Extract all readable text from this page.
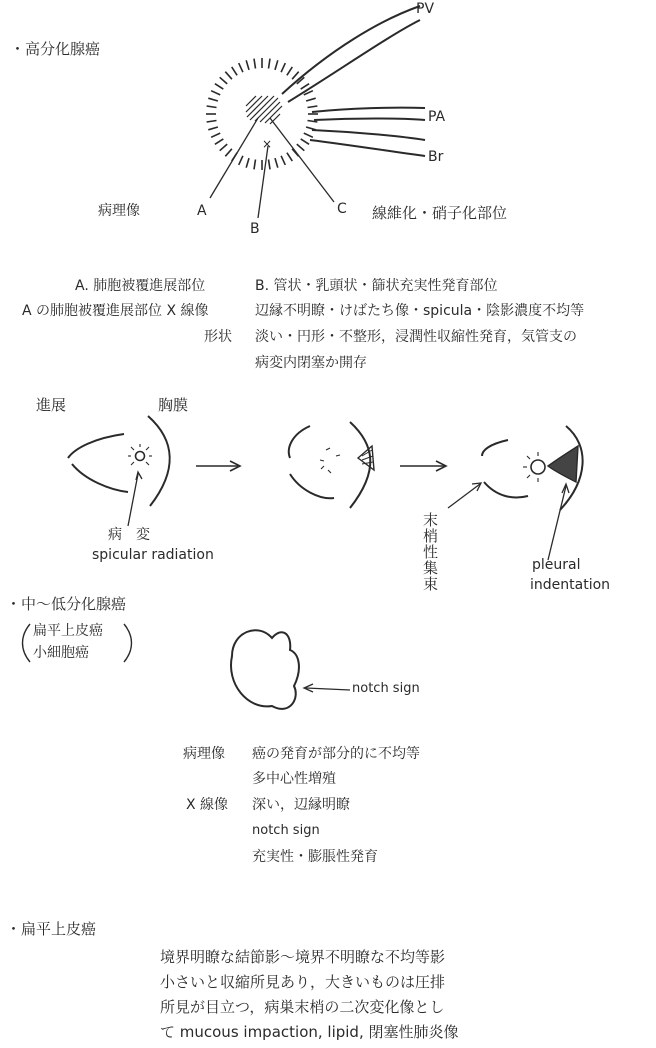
×
・高分化腺癌
PV
PA
Br
病理像	A
B
C 線維化・硝子化部位
A. 肺胞被覆進展部位	B. 管状・乳頭状・篩状充実性発育部位
A の肺胞被覆進展部位 X 線像	辺縁不明瞭・けばたち像・spicula・陰影濃度不均等
形状 淡い・円形・不整形，浸潤性収縮性発育，気管支の
病変内閉塞か開存
進展	胸膜
病　変
spicular radiation	末梢性集束	pleural
indentation
・中～低分化腺癌
扁平上皮癌
小細胞癌
notch sign
病理像 癌の発育が部分的に不均等
多中心性増殖
X 線像 深い，辺縁明瞭
notch sign
充実性・膨脹性発育
・扁平上皮癌
境界明瞭な結節影～境界不明瞭な不均等影
小さいと収縮所見あり，大きいものは圧排
所見が目立つ，病巣末梢の二次変化像とし
て mucous impaction, lipid, 閉塞性肺炎像
